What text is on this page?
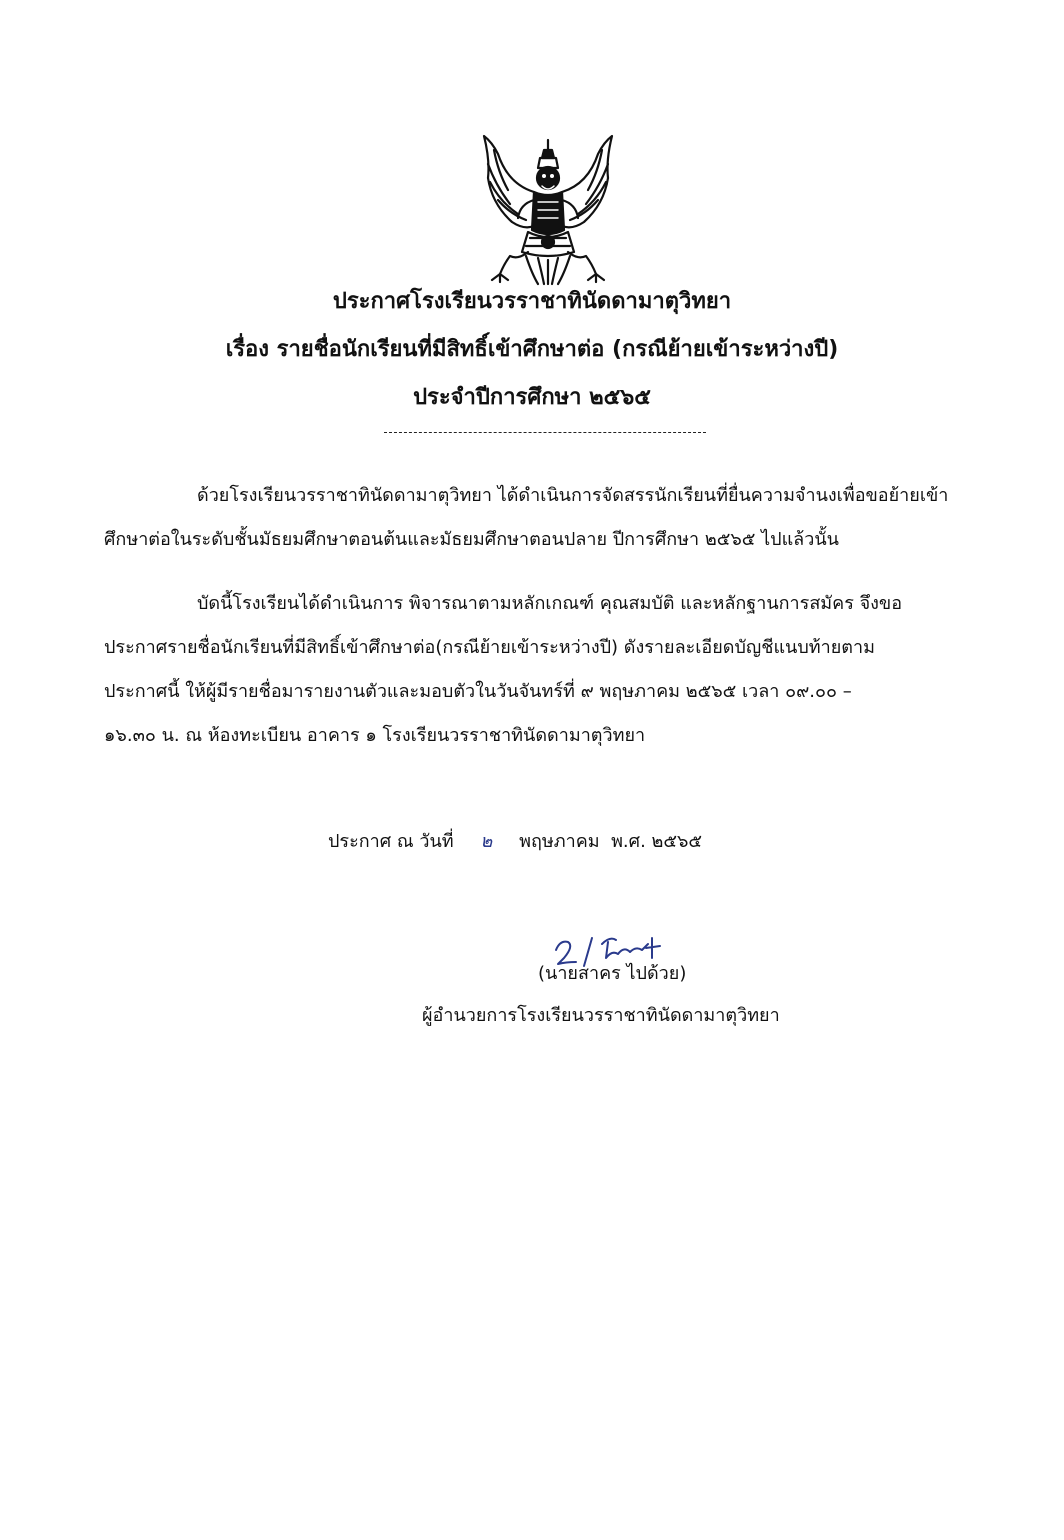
ประกาศโรงเรียนวรราชาทินัดดามาตุวิทยา
เรื่อง รายชื่อนักเรียนที่มีสิทธิ์เข้าศึกษาต่อ (กรณีย้ายเข้าระหว่างปี)
ประจำปีการศึกษา ๒๕๖๕
ด้วยโรงเรียนวรราชาทินัดดามาตุวิทยา ได้ดำเนินการจัดสรรนักเรียนที่ยื่นความจำนงเพื่อขอย้ายเข้า
ศึกษาต่อในระดับชั้นมัธยมศึกษาตอนต้นและมัธยมศึกษาตอนปลาย ปีการศึกษา ๒๕๖๕ ไปแล้วนั้น
บัดนี้โรงเรียนได้ดำเนินการ พิจารณาตามหลักเกณฑ์ คุณสมบัติ และหลักฐานการสมัคร จึงขอ
ประกาศรายชื่อนักเรียนที่มีสิทธิ์เข้าศึกษาต่อ(กรณีย้ายเข้าระหว่างปี) ดังรายละเอียดบัญชีแนบท้ายตาม
ประกาศนี้ ให้ผู้มีรายชื่อมารายงานตัวและมอบตัวในวันจันทร์ที่ ๙ พฤษภาคม ๒๕๖๕ เวลา ๐๙.๐๐ –
๑๖.๓๐ น. ณ ห้องทะเบียน อาคาร ๑ โรงเรียนวรราชาทินัดดามาตุวิทยา
ประกาศ ณ วันที่ ๒ พฤษภาคม พ.ศ. ๒๕๖๕
(นายสาคร ไปด้วย)
ผู้อำนวยการโรงเรียนวรราชาทินัดดามาตุวิทยา
